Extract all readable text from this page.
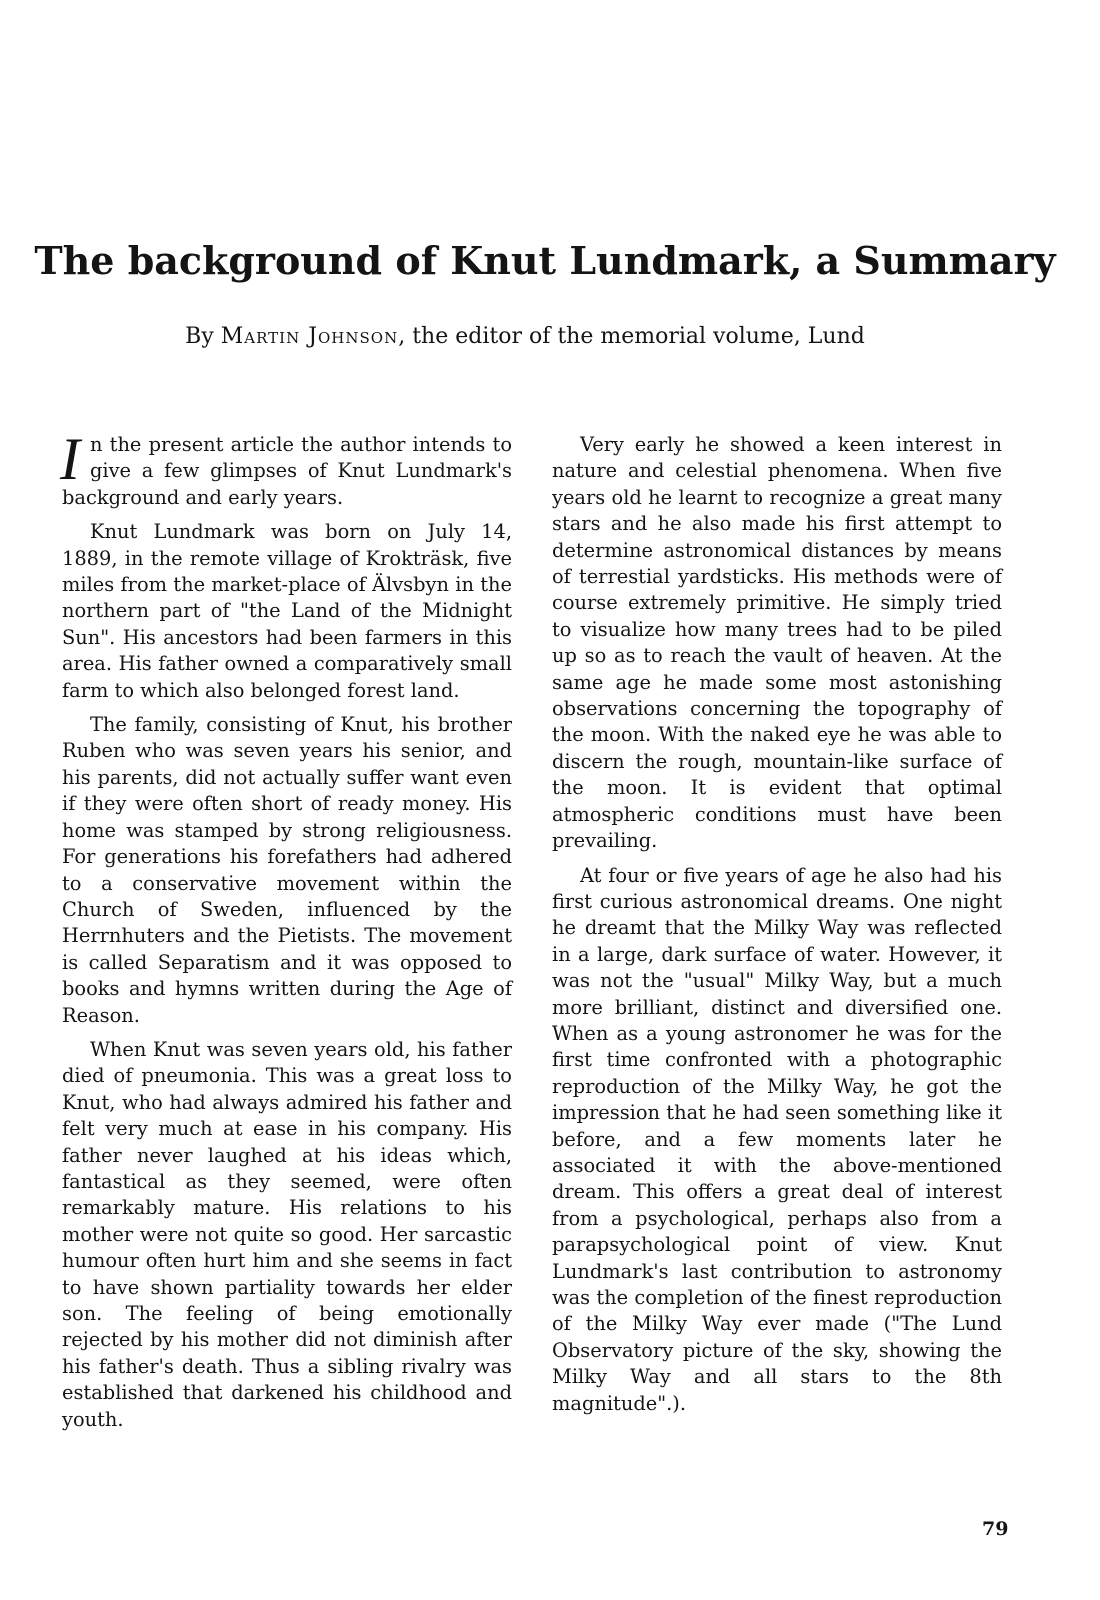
The background of Knut Lundmark, a Summary
By Martin Johnson, the editor of the memorial volume, Lund

In the present article the author intends to give a few glimpses of Knut Lundmark's background and early years.

Knut Lundmark was born on July 14, 1889, in the remote village of Krokträsk, five miles from the market-place of Älvsbyn in the northern part of "the Land of the Midnight Sun". His ancestors had been farmers in this area. His father owned a comparatively small farm to which also belonged forest land.

The family, consisting of Knut, his brother Ruben who was seven years his senior, and his parents, did not actually suffer want even if they were often short of ready money. His home was stamped by strong religiousness. For generations his forefathers had adhered to a conservative movement within the Church of Sweden, influenced by the Herrnhuters and the Pietists. The movement is called Separatism and it was opposed to books and hymns written during the Age of Reason.

When Knut was seven years old, his father died of pneumonia. This was a great loss to Knut, who had always admired his father and felt very much at ease in his company. His father never laughed at his ideas which, fantastical as they seemed, were often remarkably mature. His relations to his mother were not quite so good. Her sarcastic humour often hurt him and she seems in fact to have shown partiality towards her elder son. The feeling of being emotionally rejected by his mother did not diminish after his father's death. Thus a sibling rivalry was established that darkened his childhood and youth.

Very early he showed a keen interest in nature and celestial phenomena. When five years old he learnt to recognize a great many stars and he also made his first attempt to determine astronomical distances by means of terrestial yardsticks. His methods were of course extremely primitive. He simply tried to visualize how many trees had to be piled up so as to reach the vault of heaven. At the same age he made some most astonishing observations concerning the topography of the moon. With the naked eye he was able to discern the rough, mountain-like surface of the moon. It is evident that optimal atmospheric conditions must have been prevailing.

At four or five years of age he also had his first curious astronomical dreams. One night he dreamt that the Milky Way was reflected in a large, dark surface of water. However, it was not the "usual" Milky Way, but a much more brilliant, distinct and diversified one. When as a young astronomer he was for the first time confronted with a photographic reproduction of the Milky Way, he got the impression that he had seen something like it before, and a few moments later he associated it with the above-mentioned dream. This offers a great deal of interest from a psychological, perhaps also from a parapsychological point of view. Knut Lundmark's last contribution to astronomy was the completion of the finest reproduction of the Milky Way ever made ("The Lund Observatory picture of the sky, showing the Milky Way and all stars to the 8th magnitude".).

79
